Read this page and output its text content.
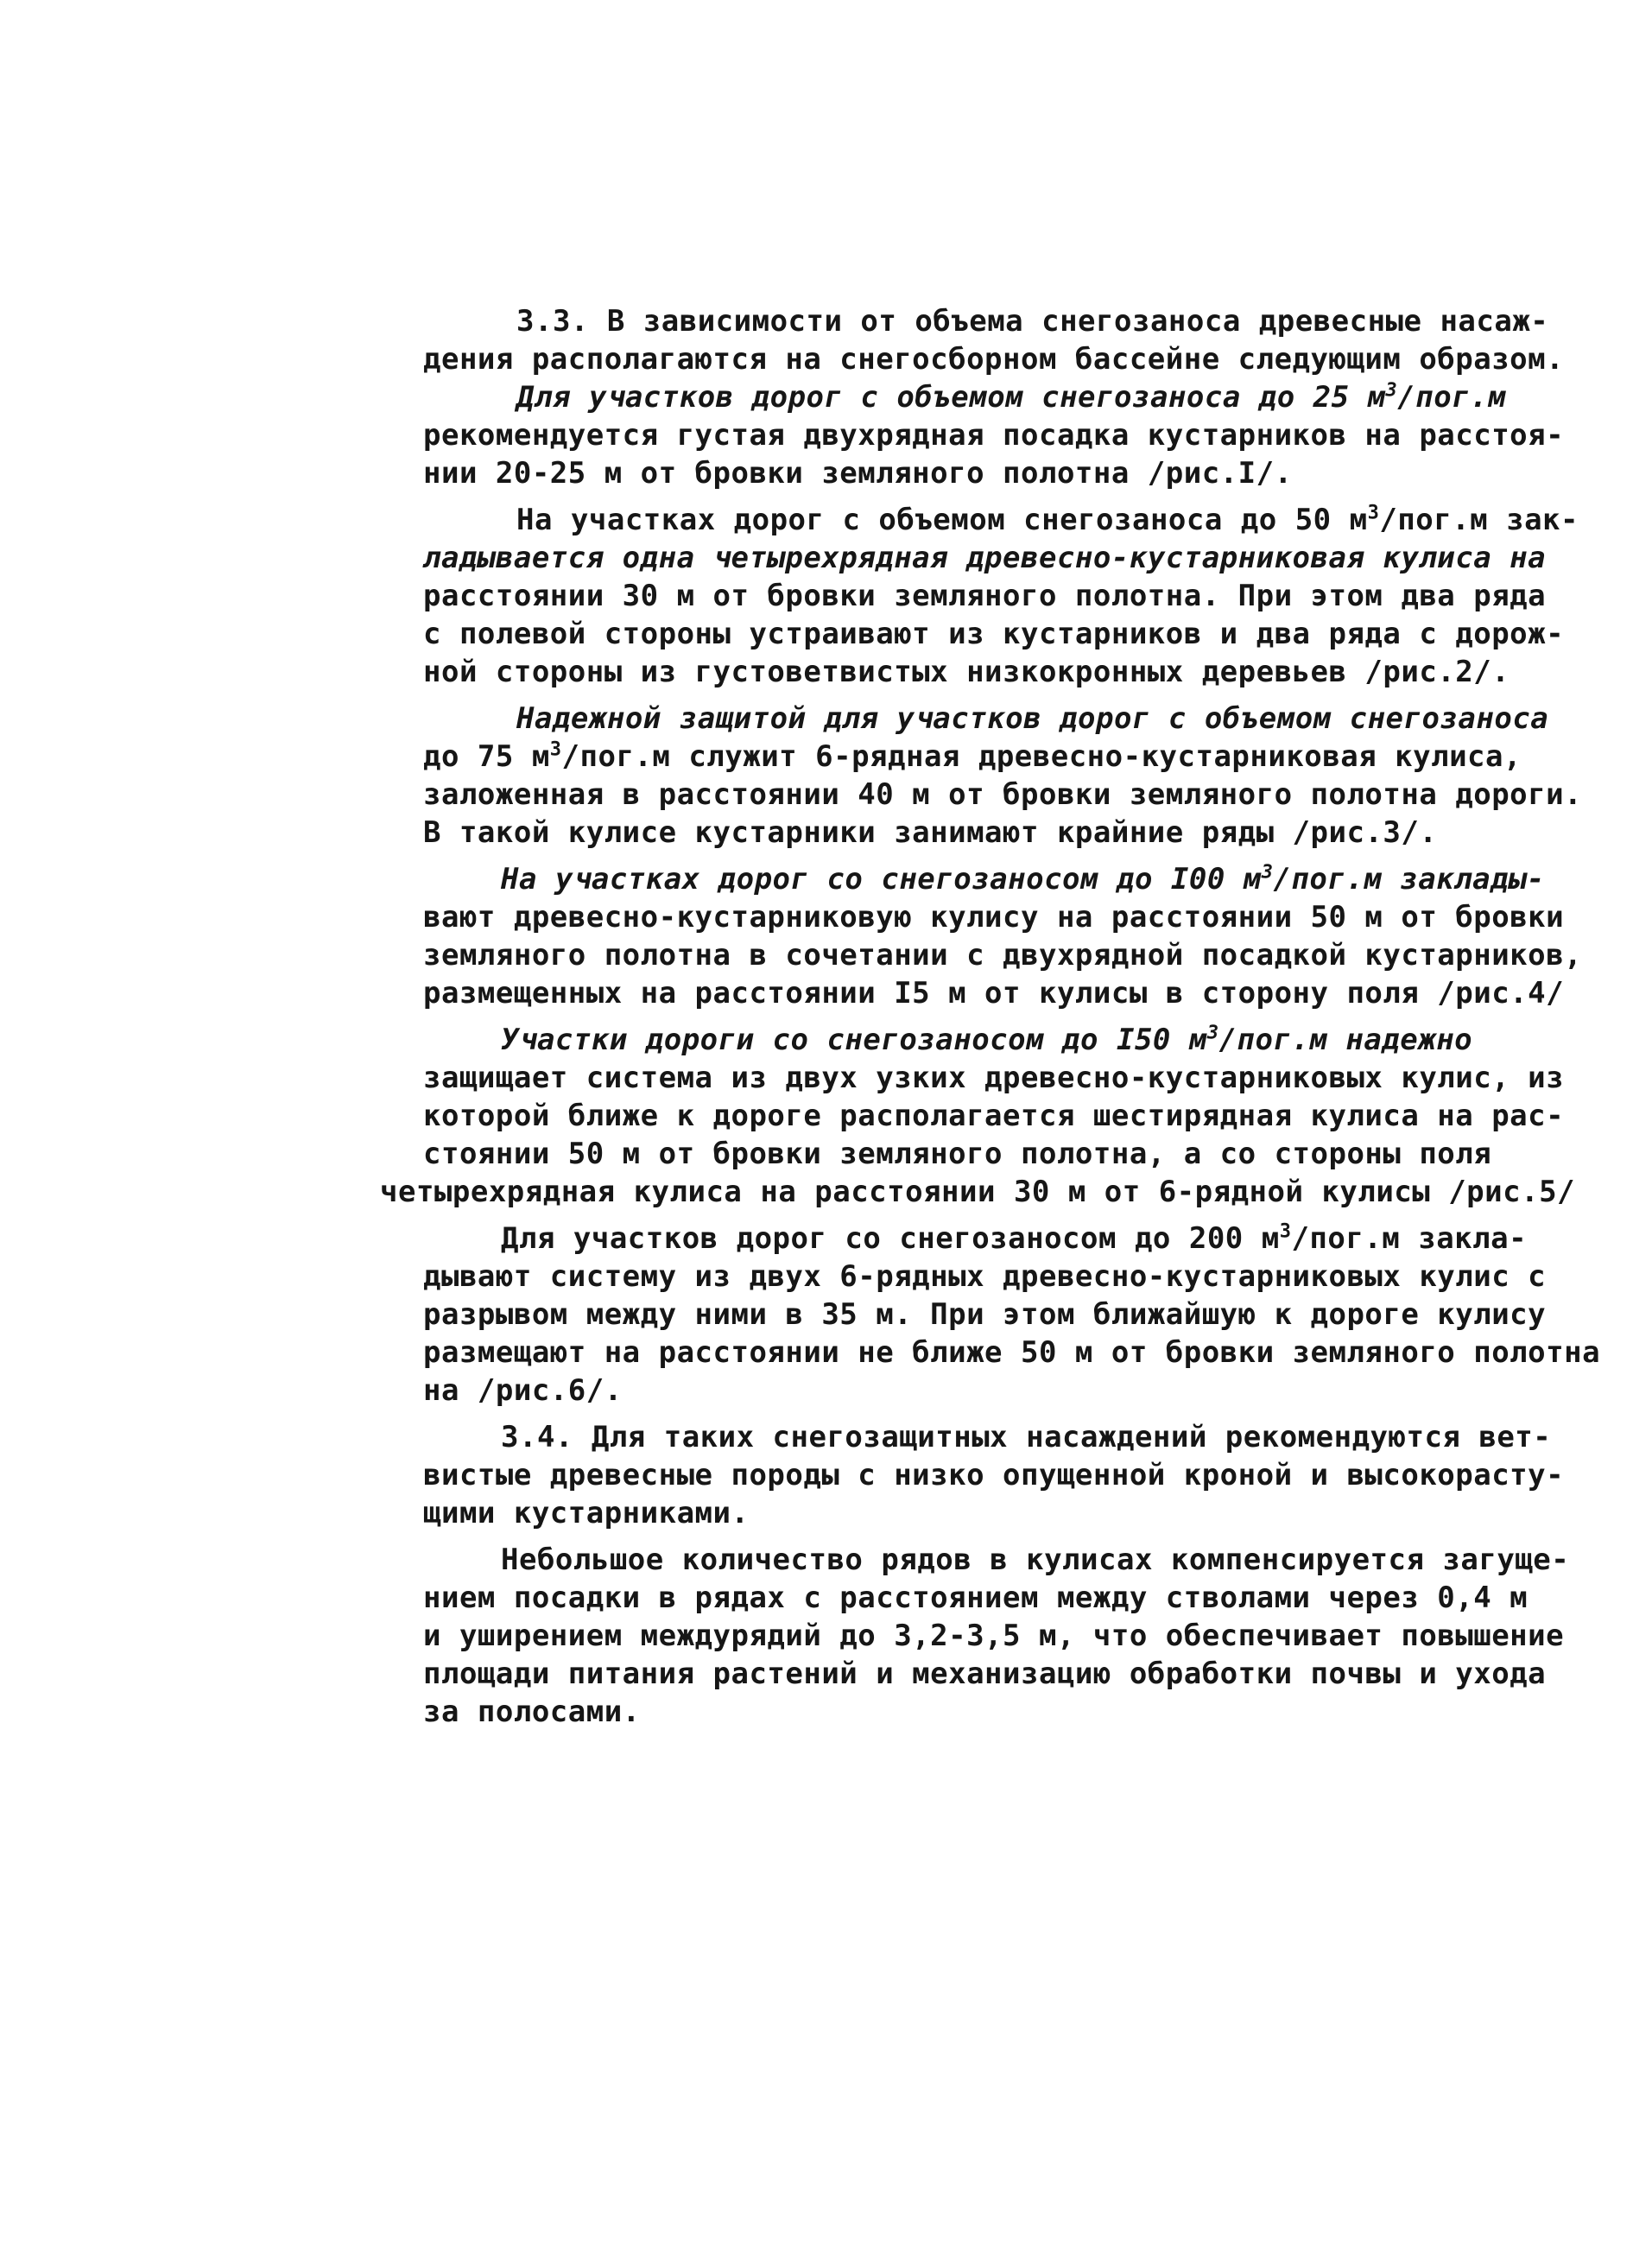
3.3. В зависимости от объема снегозаноса древесные насаж-
дения располагаются на снегосборном бассейне следующим образом.
Для участков дорог с объемом снегозаноса до 25 $м^3/пог.м$
рекомендуется густая двухрядная посадка кустарников на расстоя-
нии 20-25 м от бровки земляного полотна /рис.I/.
На участках дорог с объемом снегозаноса до 50 $м^3/пог.м$ зак-
ладывается одна четырехрядная древесно-кустарниковая кулиса на
расстоянии 30 м от бровки земляного полотна. При этом два ряда
с полевой стороны устраивают из кустарников и два ряда с дорож-
ной стороны из густоветвистых низкокронных деревьев /рис.2/.
Надежной защитой для участков дорог с объемом снегозаноса
до 75 $м^3/пог.м$ служит 6-рядная древесно-кустарниковая кулиса,
заложенная в расстоянии 40 м от бровки земляного полотна дороги.
В такой кулисе кустарники занимают крайние ряды /рис.3/.
На участках дорог со снегозаносом до I00 $м^3/пог.м$ заклады-
вают древесно-кустарниковую кулису на расстоянии 50 м от бровки
земляного полотна в сочетании с двухрядной посадкой кустарников,
размещенных на расстоянии I5 м от кулисы в сторону поля /рис.4/
Участки дороги со снегозаносом до I50 $м^3/пог.м$ надежно
защищает система из двух узких древесно-кустарниковых кулис, из
которой ближе к дороге располагается шестирядная кулиса на рас-
стоянии 50 м от бровки земляного полотна, а со стороны поля
четырехрядная кулиса на расстоянии 30 м от 6-рядной кулисы /рис.5/
Для участков дорог со снегозаносом до 200 $м^3/пог.м$ закла-
дывают систему из двух 6-рядных древесно-кустарниковых кулис с
разрывом между ними в 35 м. При этом ближайшую к дороге кулису
размещают на расстоянии не ближе 50 м от бровки земляного полотна
на /рис.6/.
3.4. Для таких снегозащитных насаждений рекомендуются вет-
вистые древесные породы с низко опущенной кроной и высокорасту-
щими кустарниками.
Небольшое количество рядов в кулисах компенсируется загуще-
нием посадки в рядах с расстоянием между стволами через 0,4 м
и уширением междурядий до 3,2-3,5 м, что обеспечивает повышение
площади питания растений и механизацию обработки почвы и ухода
за полосами.
